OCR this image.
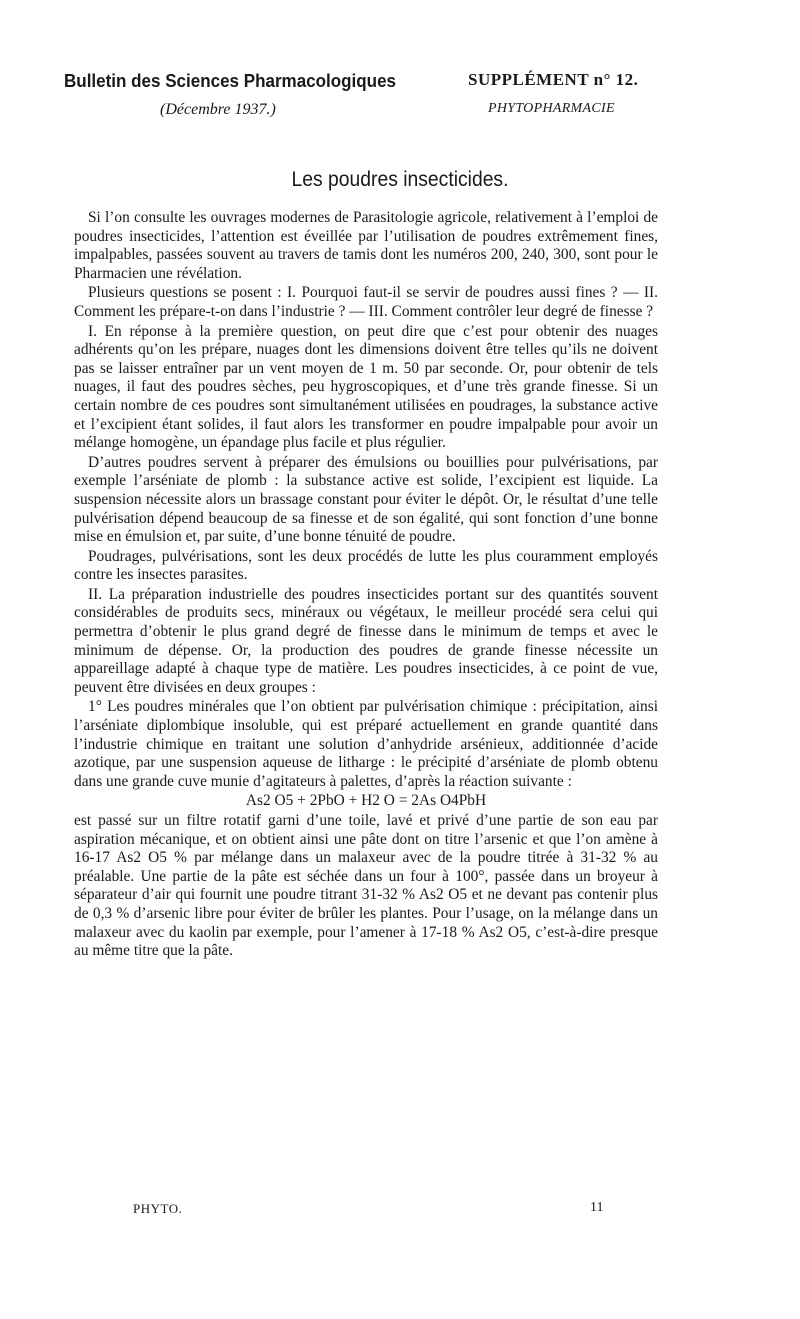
Bulletin des Sciences Pharmacologiques
(Décembre 1937.)
SUPPLÉMENT n° 12.
PHYTOPHARMACIE
Les poudres insecticides.

Si l’on consulte les ouvrages modernes de Parasitologie agricole, relativement à l’emploi de poudres insecticides, l’attention est éveillée par l’utilisation de poudres extrêmement fines, impalpables, passées souvent au travers de tamis dont les numéros 200, 240, 300, sont pour le Pharmacien une révélation.

Plusieurs questions se posent : I. Pourquoi faut-il se servir de poudres aussi fines ? — II. Comment les prépare-t-on dans l’industrie ? — III. Comment contrôler leur degré de finesse ?

I. En réponse à la première question, on peut dire que c’est pour obtenir des nuages adhérents qu’on les prépare, nuages dont les dimensions doivent être telles qu’ils ne doivent pas se laisser entraîner par un vent moyen de 1 m. 50 par seconde. Or, pour obtenir de tels nuages, il faut des poudres sèches, peu hygroscopiques, et d’une très grande finesse. Si un certain nombre de ces poudres sont simultanément utilisées en poudrages, la substance active et l’excipient étant solides, il faut alors les transformer en poudre impalpable pour avoir un mélange homogène, un épandage plus facile et plus régulier.

D’autres poudres servent à préparer des émulsions ou bouillies pour pulvérisations, par exemple l’arséniate de plomb : la substance active est solide, l’excipient est liquide. La suspension nécessite alors un brassage constant pour éviter le dépôt. Or, le résultat d’une telle pulvérisation dépend beaucoup de sa finesse et de son égalité, qui sont fonction d’une bonne mise en émulsion et, par suite, d’une bonne ténuité de poudre.

Poudrages, pulvérisations, sont les deux procédés de lutte les plus couramment employés contre les insectes parasites.

II. La préparation industrielle des poudres insecticides portant sur des quantités souvent considérables de produits secs, minéraux ou végétaux, le meilleur procédé sera celui qui permettra d’obtenir le plus grand degré de finesse dans le minimum de temps et avec le minimum de dépense. Or, la production des poudres de grande finesse nécessite un appareillage adapté à chaque type de matière. Les poudres insecticides, à ce point de vue, peuvent être divisées en deux groupes :

1° Les poudres minérales que l’on obtient par pulvérisation chimique : précipitation, ainsi l’arséniate diplombique insoluble, qui est préparé actuellement en grande quantité dans l’industrie chimique en traitant une solution d’anhydride arsénieux, additionnée d’acide azotique, par une suspension aqueuse de litharge : le précipité d’arséniate de plomb obtenu dans une grande cuve munie d’agitateurs à palettes, d’après la réaction suivante :

As2 O5 + 2PbO + H2 O = 2As O4PbH

est passé sur un filtre rotatif garni d’une toile, lavé et privé d’une partie de son eau par aspiration mécanique, et on obtient ainsi une pâte dont on titre l’arsenic et que l’on amène à 16-17 As2 O5 % par mélange dans un malaxeur avec de la poudre titrée à 31-32 % au préalable. Une partie de la pâte est séchée dans un four à 100°, passée dans un broyeur à séparateur d’air qui fournit une poudre titrant 31-32 % As2 O5 et ne devant pas contenir plus de 0,3 % d’arsenic libre pour éviter de brûler les plantes. Pour l’usage, on la mélange dans un malaxeur avec du kaolin par exemple, pour l’amener à 17-18 % As2 O5, c’est-à-dire presque au même titre que la pâte.

PHYTO.	11
